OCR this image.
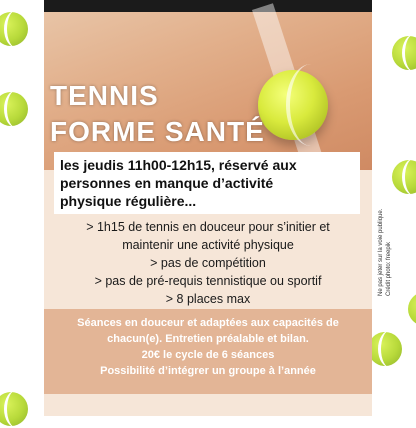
TENNIS
FORME SANTÉ
les jeudis 11h00-12h15, réservé aux
personnes en manque d’activité
physique régulière...
> 1h15 de tennis en douceur pour s’initier et
maintenir une activité physique
> pas de compétition
> pas de pré-requis tennistique ou sportif
> 8 places max
Séances en douceur et adaptées aux capacités de
chacun(e). Entretien préalable et bilan.
20€ le cycle de 6 séances
Possibilité d’intégrer un groupe à l’année
Ne pas jeter sur la voie publique. Crédit photo: freepik
